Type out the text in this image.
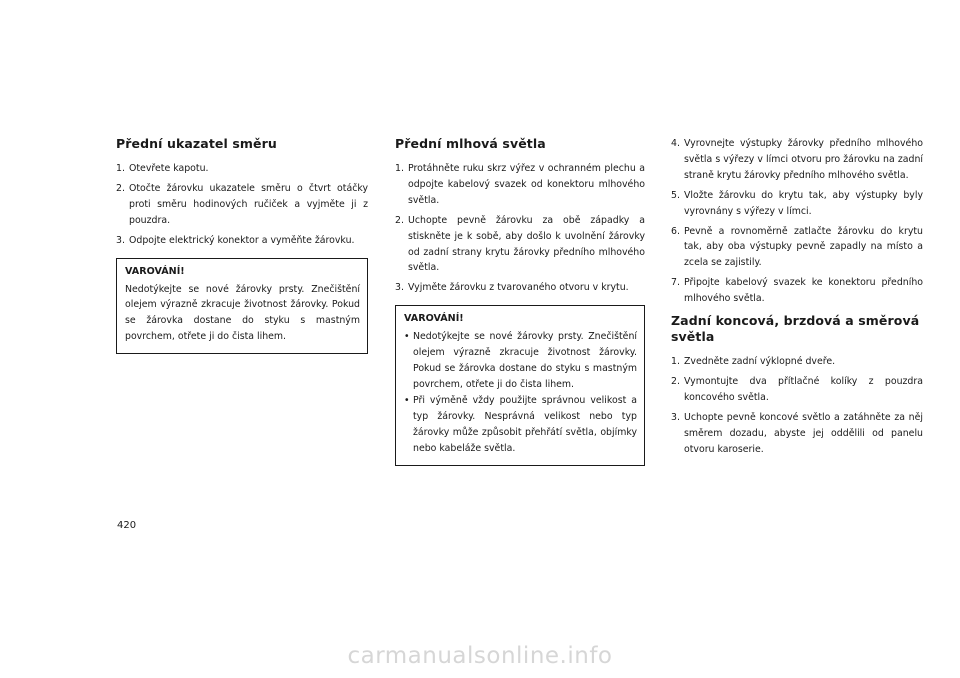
Přední ukazatel směru
1. Otevřete kapotu.
2. Otočte žárovku ukazatele směru o čtvrt otáčky proti směru hodinových ručiček a vyjměte ji z pouzdra.
3. Odpojte elektrický konektor a vyměňte žárovku.

VAROVÁNÍ!

Nedotýkejte se nové žárovky prsty. Znečištění olejem výrazně zkracuje životnost žárovky. Pokud se žárovka dostane do styku s mastným povrchem, otřete ji do čista lihem.

Přední mlhová světla
1. Protáhněte ruku skrz výřez v ochranném plechu a odpojte kabelový svazek od konektoru mlhového světla.
2. Uchopte pevně žárovku za obě západky a stiskněte je k sobě, aby došlo k uvolnění žárovky od zadní strany krytu žárovky předního mlhového světla.
3. Vyjměte žárovku z tvarovaného otvoru v krytu.

VAROVÁNÍ!

• Nedotýkejte se nové žárovky prsty. Znečištění olejem výrazně zkracuje životnost žárovky. Pokud se žárovka dostane do styku s mastným povrchem, otřete ji do čista lihem.
• Při výměně vždy použijte správnou velikost a typ žárovky. Nesprávná velikost nebo typ žárovky může způsobit přehřátí světla, objímky nebo kabeláže světla.
4. Vyrovnejte výstupky žárovky předního mlhového světla s výřezy v límci otvoru pro žárovku na zadní straně krytu žárovky předního mlhového světla.
5. Vložte žárovku do krytu tak, aby výstupky byly vyrovnány s výřezy v límci.
6. Pevně a rovnoměrně zatlačte žárovku do krytu tak, aby oba výstupky pevně zapadly na místo a zcela se zajistily.
7. Připojte kabelový svazek ke konektoru předního mlhového světla.
Zadní koncová, brzdová a směrová světla
1. Zvedněte zadní výklopné dveře.
2. Vymontujte dva přítlačné kolíky z pouzdra koncového světla.
3. Uchopte pevně koncové světlo a zatáhněte za něj směrem dozadu, abyste jej oddělili od panelu otvoru karoserie.
420
carmanualsonline.info
